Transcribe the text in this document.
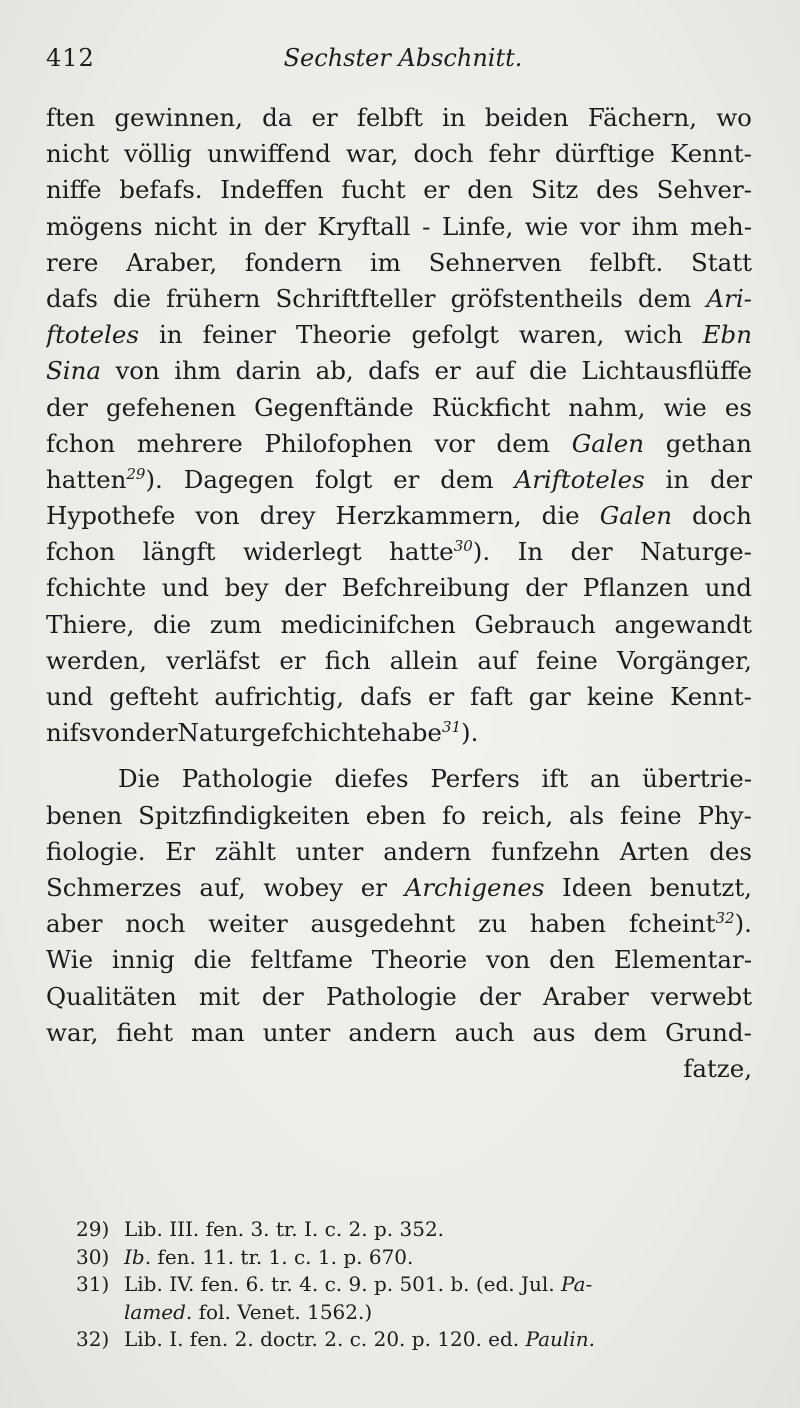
412	Sechster Abschnitt.
ften gewinnen, da er felbft in beiden Fächern, wo
nicht völlig unwiffend war, doch fehr dürftige Kennt-
niffe befafs. Indeffen fucht er den Sitz des Sehver-
mögens nicht in der Kryftall - Linfe, wie vor ihm meh-
rere Araber, fondern im Sehnerven felbft. Statt
dafs die frühern Schriftfteller gröfstentheils dem Ari-
ftoteles in feiner Theorie gefolgt waren, wich Ebn
Sina von ihm darin ab, dafs er auf die Lichtausflüffe
der gefehenen Gegenftände Rückficht nahm, wie es
fchon mehrere Philofophen vor dem Galen gethan
hatten$^{29}$). Dagegen folgt er dem Ariftoteles in der
Hypothefe von drey Herzkammern, die Galen doch
fchon längft widerlegt hatte$^{30}$). In der Naturge-
fchichte und bey der Befchreibung der Pflanzen und
Thiere, die zum medicinifchen Gebrauch angewandt
werden, verläfst er fich allein auf feine Vorgänger,
und gefteht aufrichtig, dafs er faft gar keine Kennt-
nifs von der Naturgefchichte habe$^{31}$).
Die Pathologie diefes Perfers ift an übertrie-
benen Spitzfindigkeiten eben fo reich, als feine Phy-
fiologie. Er zählt unter andern funfzehn Arten des
Schmerzes auf, wobey er Archigenes Ideen benutzt,
aber noch weiter ausgedehnt zu haben fcheint$^{32}$).
Wie innig die feltfame Theorie von den Elementar-
Qualitäten mit der Pathologie der Araber verwebt
war, fieht man unter andern auch aus dem Grund-
fatze,
29) Lib. III. fen. 3. tr. I. c. 2. p. 352.
30) Ib. fen. 11. tr. 1. c. 1. p. 670.
31) Lib. IV. fen. 6. tr. 4. c. 9. p. 501. b. (ed. Jul. Pa-
lamed. fol. Venet. 1562.)
32) Lib. I. fen. 2. doctr. 2. c. 20. p. 120. ed. Paulin.
